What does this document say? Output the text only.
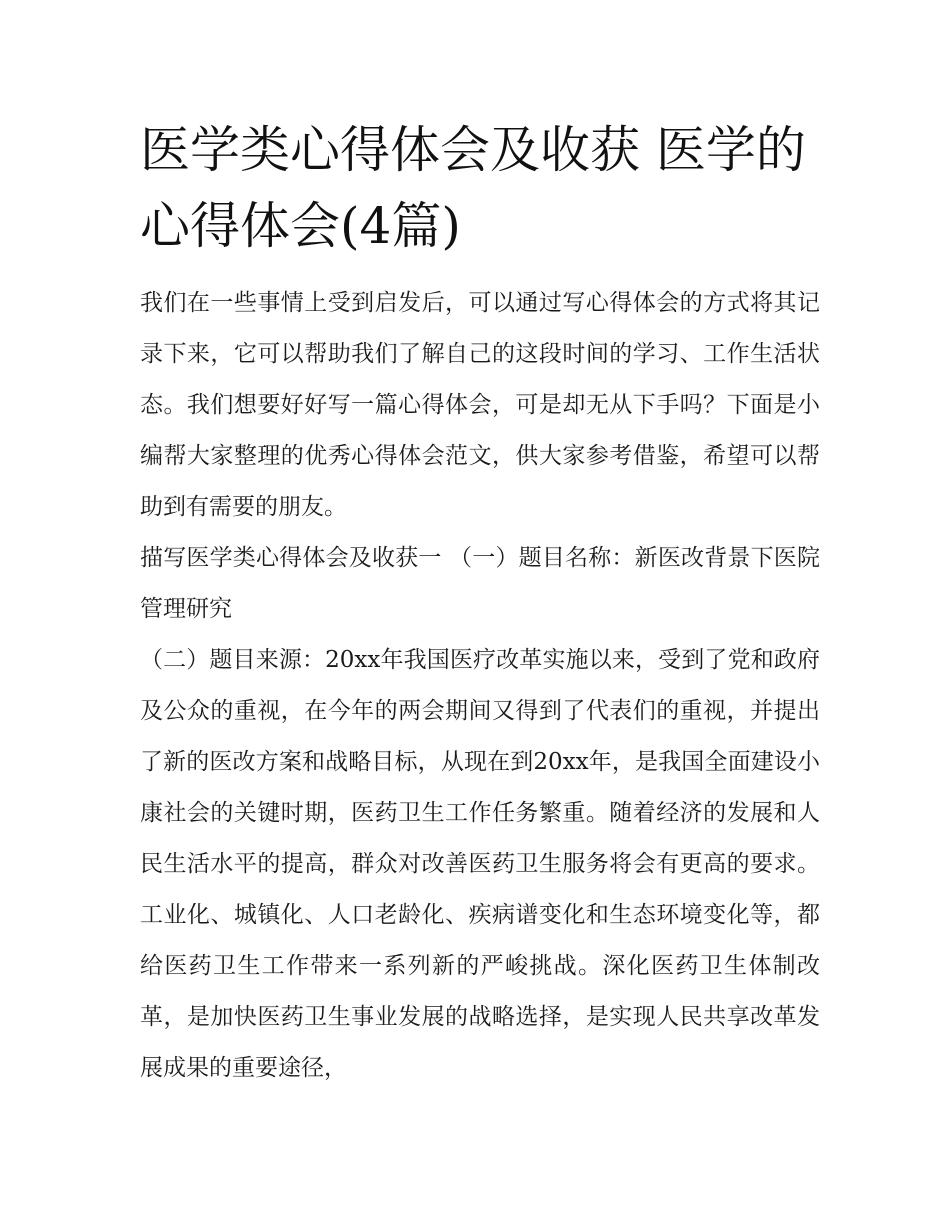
医学类心得体会及收获 医学的心得体会(4篇)

我们在一些事情上受到启发后，可以通过写心得体会的方式将其记录下来，它可以帮助我们了解自己的这段时间的学习、工作生活状态。我们想要好好写一篇心得体会，可是却无从下手吗？下面是小编帮大家整理的优秀心得体会范文，供大家参考借鉴，希望可以帮助到有需要的朋友。

描写医学类心得体会及收获一 （一）题目名称：新医改背景下医院管理研究

（二）题目来源：20xx年我国医疗改革实施以来，受到了党和政府及公众的重视，在今年的两会期间又得到了代表们的重视，并提出了新的医改方案和战略目标，从现在到20xx年，是我国全面建设小康社会的关键时期，医药卫生工作任务繁重。随着经济的发展和人民生活水平的提高，群众对改善医药卫生服务将会有更高的要求。工业化、城镇化、人口老龄化、疾病谱变化和生态环境变化等，都给医药卫生工作带来一系列新的严峻挑战。深化医药卫生体制改革，是加快医药卫生事业发展的战略选择，是实现人民共享改革发展成果的重要途径，
